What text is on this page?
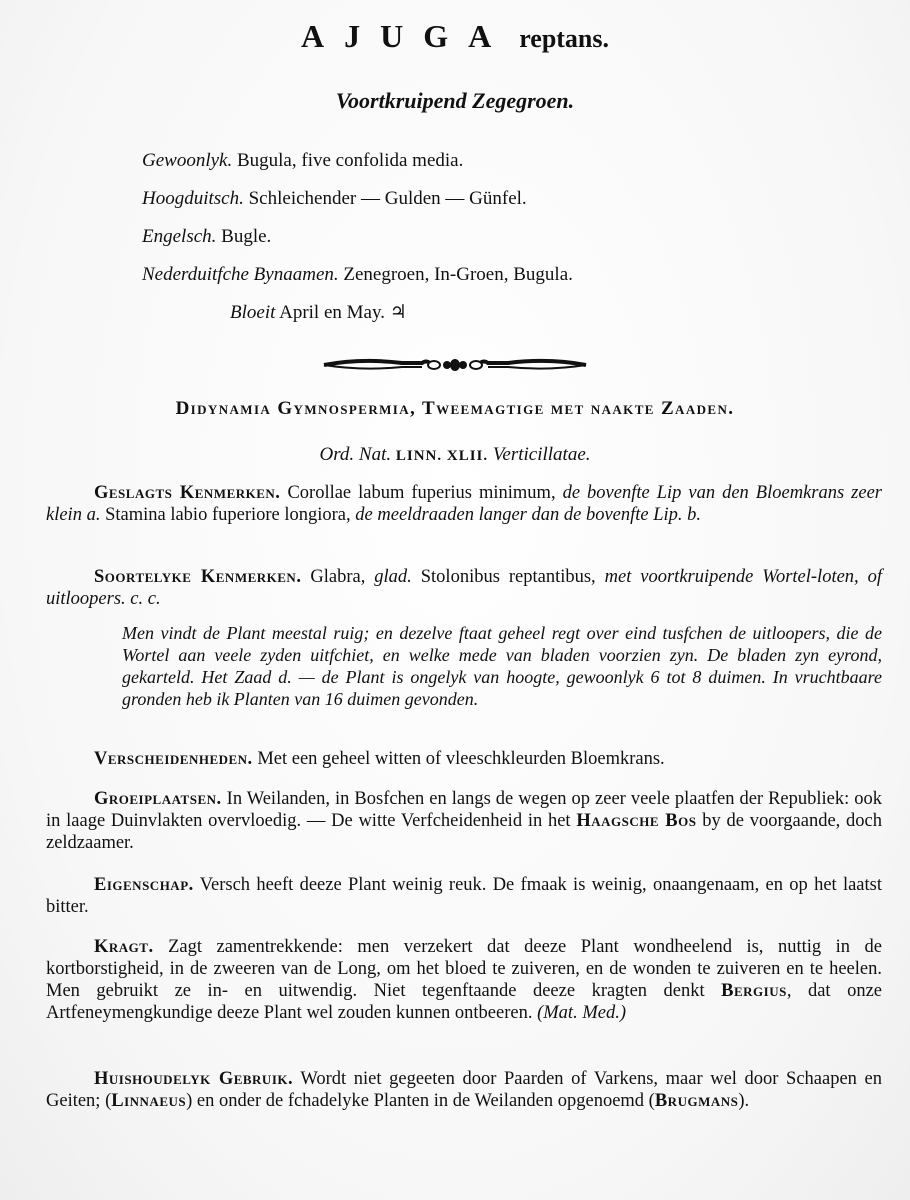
AJUGA reptans.
Voortkruipend Zegegroen.
Gewoonlyk. Bugula, five confolida media.
Hoogduitsch. Schleichender — Gulden — Günfel.
Engelsch. Bugle.
Nederduitfche Bynaamen. Zenegroen, In-Groen, Bugula.
Bloeit April en May. ♃
Didynamia Gymnospermia, Tweemagtige met naakte Zaaden.
Ord. Nat. LINN. XLII. Verticillatae.
Geslagts Kenmerken. Corollae labum fuperius minimum, de bovenfte Lip van den Bloemkrans zeer klein a. Stamina labio fuperiore longiora, de meeldraaden langer dan de bovenfte Lip. b.
Soortelyke Kenmerken. Glabra, glad. Stolonibus reptantibus, met voortkruipende Wortel-loten, of uitloopers. c. c.
Men vindt de Plant meestal ruig; en dezelve ftaat geheel regt over eind tusfchen de uitloopers, die de Wortel aan veele zyden uitfchiet, en welke mede van bladen voorzien zyn. De bladen zyn eyrond, gekarteld. Het Zaad d. — de Plant is ongelyk van hoogte, gewoonlyk 6 tot 8 duimen. In vruchtbaare gronden heb ik Planten van 16 duimen gevonden.
Verscheidenheden. Met een geheel witten of vleeschkleurden Bloemkrans.
Groeiplaatsen. In Weilanden, in Bosfchen en langs de wegen op zeer veele plaatfen der Republiek: ook in laage Duinvlakten overvloedig. — De witte Verfcheidenheid in het Haagsche Bos by de voorgaande, doch zeldzaamer.
Eigenschap. Versch heeft deeze Plant weinig reuk. De fmaak is weinig, onaangenaam, en op het laatst bitter.
Kragt. Zagt zamentrekkende: men verzekert dat deeze Plant wondheelend is, nuttig in de kortborstigheid, in de zweeren van de Long, om het bloed te zuiveren, en de wonden te zuiveren en te heelen. Men gebruikt ze in- en uitwendig. Niet tegenftaande deeze kragten denkt Bergius, dat onze Artfeneymengkundige deeze Plant wel zouden kunnen ontbeeren. (Mat. Med.)
Huishoudelyk Gebruik. Wordt niet gegeeten door Paarden of Varkens, maar wel door Schaapen en Geiten; (Linnaeus) en onder de fchadelyke Planten in de Weilanden opgenoemd (Brugmans).
